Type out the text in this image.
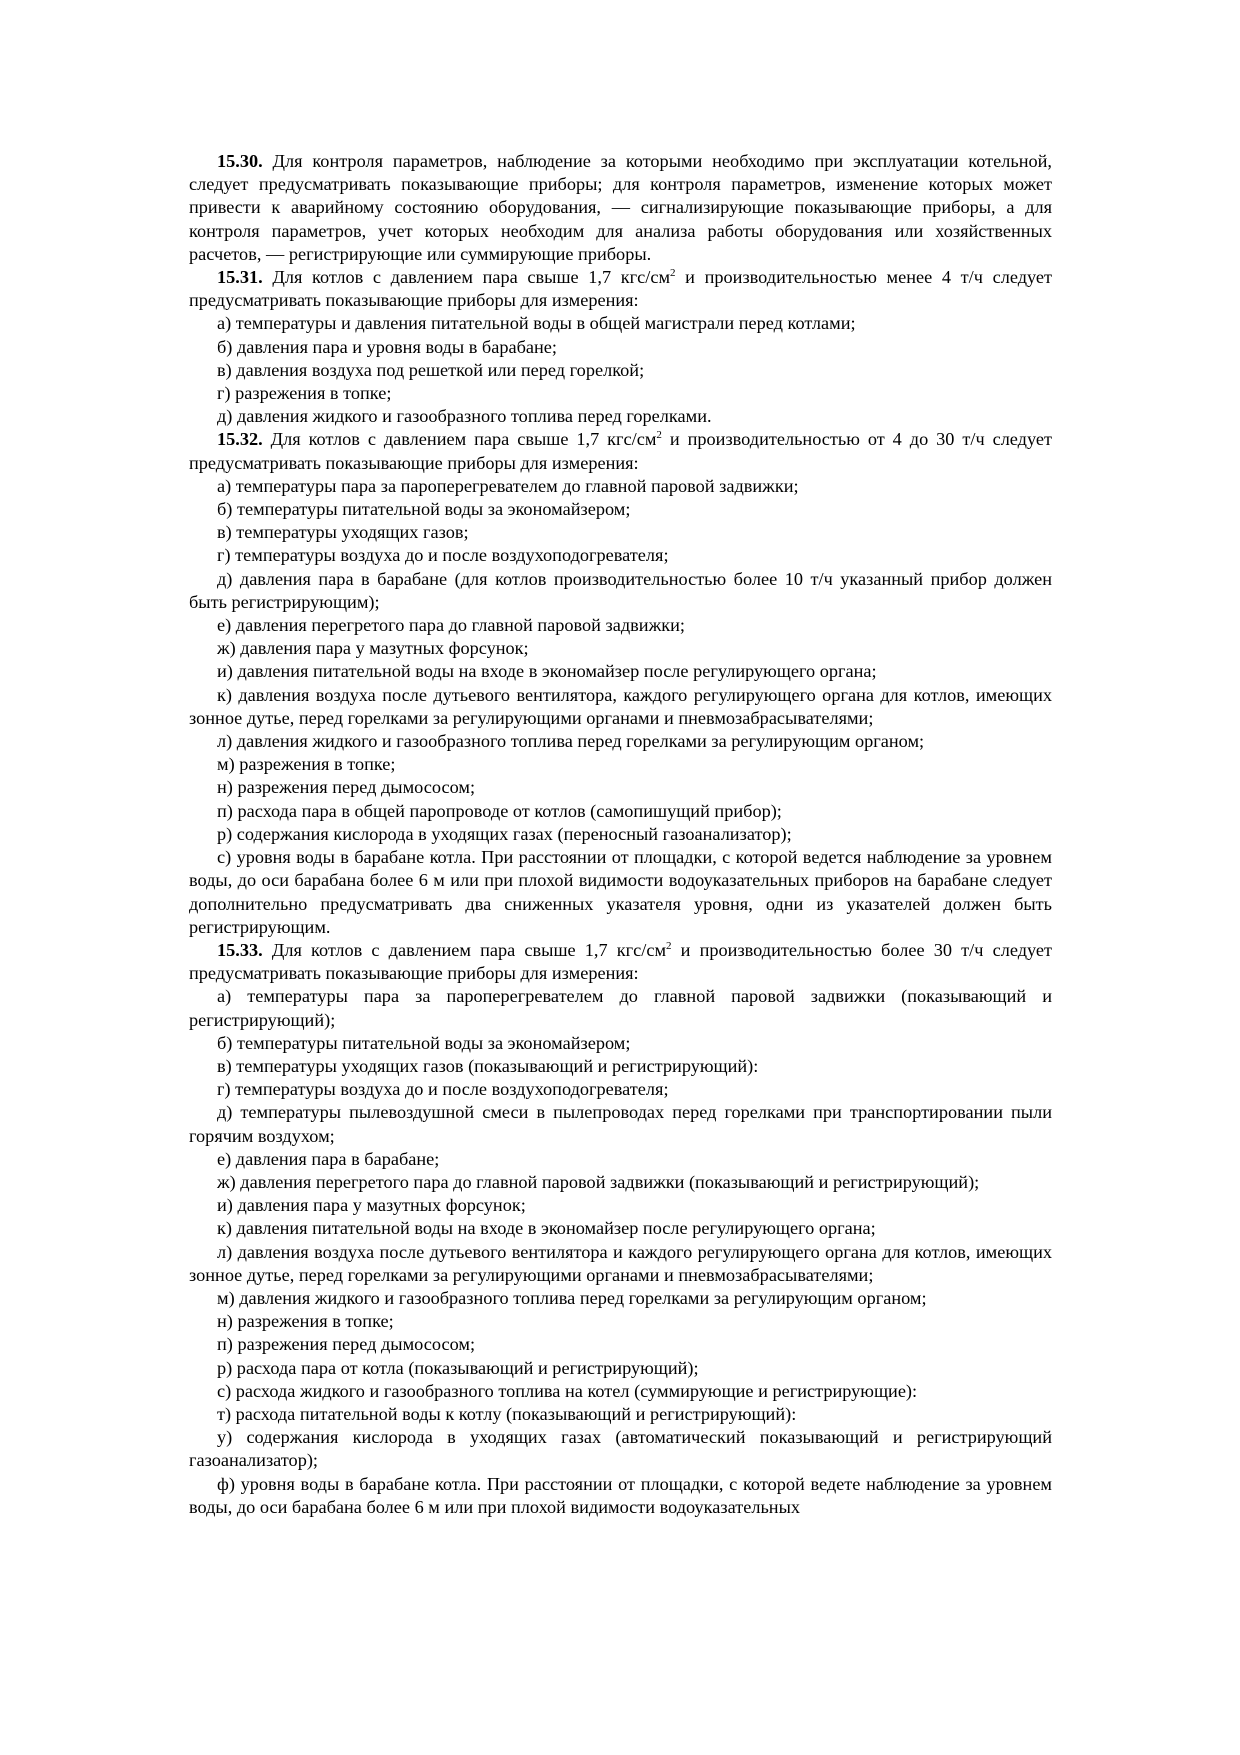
15.30. Для контроля параметров, наблюдение за которыми необходимо при эксплуатации котельной, следует предусматривать показывающие приборы; для контроля параметров, изменение которых может привести к аварийному состоянию оборудования, — сигнализирующие показывающие приборы, а для контроля параметров, учет которых необходим для анализа работы оборудования или хозяйственных расчетов, — регистрирующие или суммирующие приборы.

15.31. Для котлов с давлением пара свыше 1,7 кгс/$см^2$ и производительностью менее 4 т/ч следует предусматривать показывающие приборы для измерения:

а) температуры и давления питательной воды в общей магистрали перед котлами;

б) давления пара и уровня воды в барабане;

в) давления воздуха под решеткой или перед горелкой;

г) разрежения в топке;

д) давления жидкого и газообразного топлива перед горелками.

15.32. Для котлов с давлением пара свыше 1,7 кгс/$см^2$ и производительностью от 4 до 30 т/ч следует предусматривать показывающие приборы для измерения:

а) температуры пара за пароперегревателем до главной паровой задвижки;

б) температуры питательной воды за экономайзером;

в) температуры уходящих газов;

г) температуры воздуха до и после воздухоподогревателя;

д) давления пара в барабане (для котлов производительностью более 10 т/ч указанный прибор должен быть регистрирующим);

е) давления перегретого пара до главной паровой задвижки;

ж) давления пара у мазутных форсунок;

и) давления питательной воды на входе в экономайзер после регулирующего органа;

к) давления воздуха после дутьевого вентилятора, каждого регулирующего органа для котлов, имеющих зонное дутье, перед горелками за регулирующими органами и пневмозабрасывателями;

л) давления жидкого и газообразного топлива перед горелками за регулирующим органом;

м) разрежения в топке;

н) разрежения перед дымососом;

п) расхода пара в общей паропроводе от котлов (самопишущий прибор);

р) содержания кислорода в уходящих газах (переносный газоанализатор);

с) уровня воды в барабане котла. При расстоянии от площадки, с которой ведется наблюдение за уровнем воды, до оси барабана более 6 м или при плохой видимости водоуказательных приборов на барабане следует дополнительно предусматривать два сниженных указателя уровня, одни из указателей должен быть регистрирующим.

15.33. Для котлов с давлением пара свыше 1,7 кгс/$см^2$ и производительностью более 30 т/ч следует предусматривать показывающие приборы для измерения:

а) температуры пара за пароперегревателем до главной паровой задвижки (показывающий и регистрирующий);

б) температуры питательной воды за экономайзером;

в) температуры уходящих газов (показывающий и регистрирующий):

г) температуры воздуха до и после воздухоподогревателя;

д) температуры пылевоздушной смеси в пылепроводах перед горелками при транспортировании пыли горячим воздухом;

е) давления пара в барабане;

ж) давления перегретого пара до главной паровой задвижки (показывающий и регистрирующий);

и) давления пара у мазутных форсунок;

к) давления питательной воды на входе в экономайзер после регулирующего органа;

л) давления воздуха после дутьевого вентилятора и каждого регулирующего органа для котлов, имеющих зонное дутье, перед горелками за регулирующими органами и пневмозабрасывателями;

м) давления жидкого и газообразного топлива перед горелками за регулирующим органом;

н) разрежения в топке;

п) разрежения перед дымососом;

р) расхода пара от котла (показывающий и регистрирующий);

с) расхода жидкого и газообразного топлива на котел (суммирующие и регистрирующие):

т) расхода питательной воды к котлу (показывающий и регистрирующий):

у) содержания кислорода в уходящих газах (автоматический показывающий и регистрирующий газоанализатор);

ф) уровня воды в барабане котла. При расстоянии от площадки, с которой ведете наблюдение за уровнем воды, до оси барабана более 6 м или при плохой видимости водоуказательных
